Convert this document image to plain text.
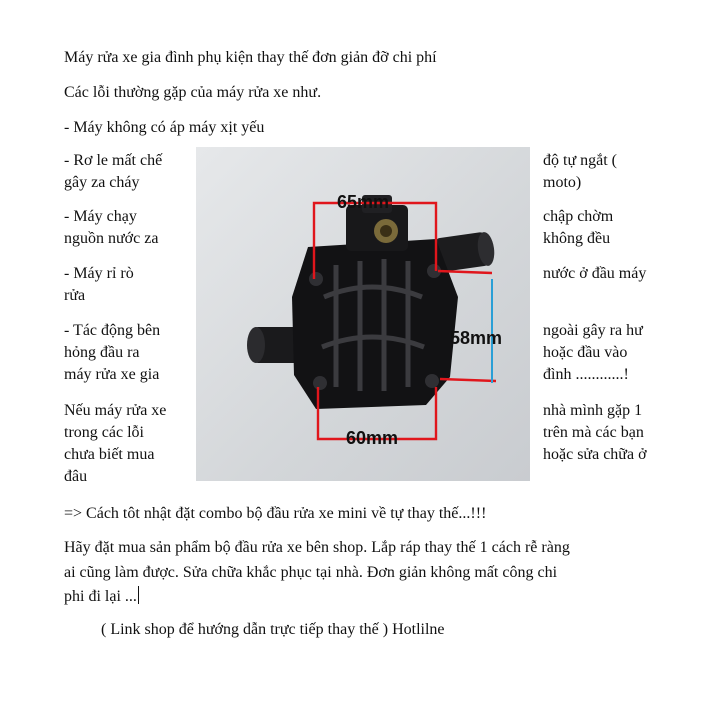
Máy rửa xe gia đình phụ kiện thay thế đơn giản đỡ chi phí
Các lỗi thường gặp của máy rửa xe như.
- Máy không có áp máy xịt yếu
- Rơ le mất chế
gây za cháy
- Máy chạy
nguồn nước za
- Máy rỉ rò
rửa
- Tác động bên
hỏng đầu ra
máy rửa xe gia
Nếu máy rửa xe
trong các lỗi
chưa biết mua
đâu
độ tự ngắt (
moto)
chập chờm
không đều
nước ở đầu máy
ngoài gây ra hư
hoặc đầu vào
đình ............!
nhà mình gặp 1
trên mà các bạn
hoặc sửa chữa ở
65mm
58mm
60mm
=> Cách tôt nhật đặt combo bộ đầu rửa xe mini về tự thay thế...!!!
Hãy đặt mua sản phẩm bộ đầu rửa xe bên shop. Lắp ráp thay thế 1 cách rễ ràng
ai cũng làm được. Sửa chữa khắc phục tại nhà. Đơn giản không mất công chi
phi đi lại ...
( Link shop để hướng dẫn trực tiếp thay thế ) Hotlilne
